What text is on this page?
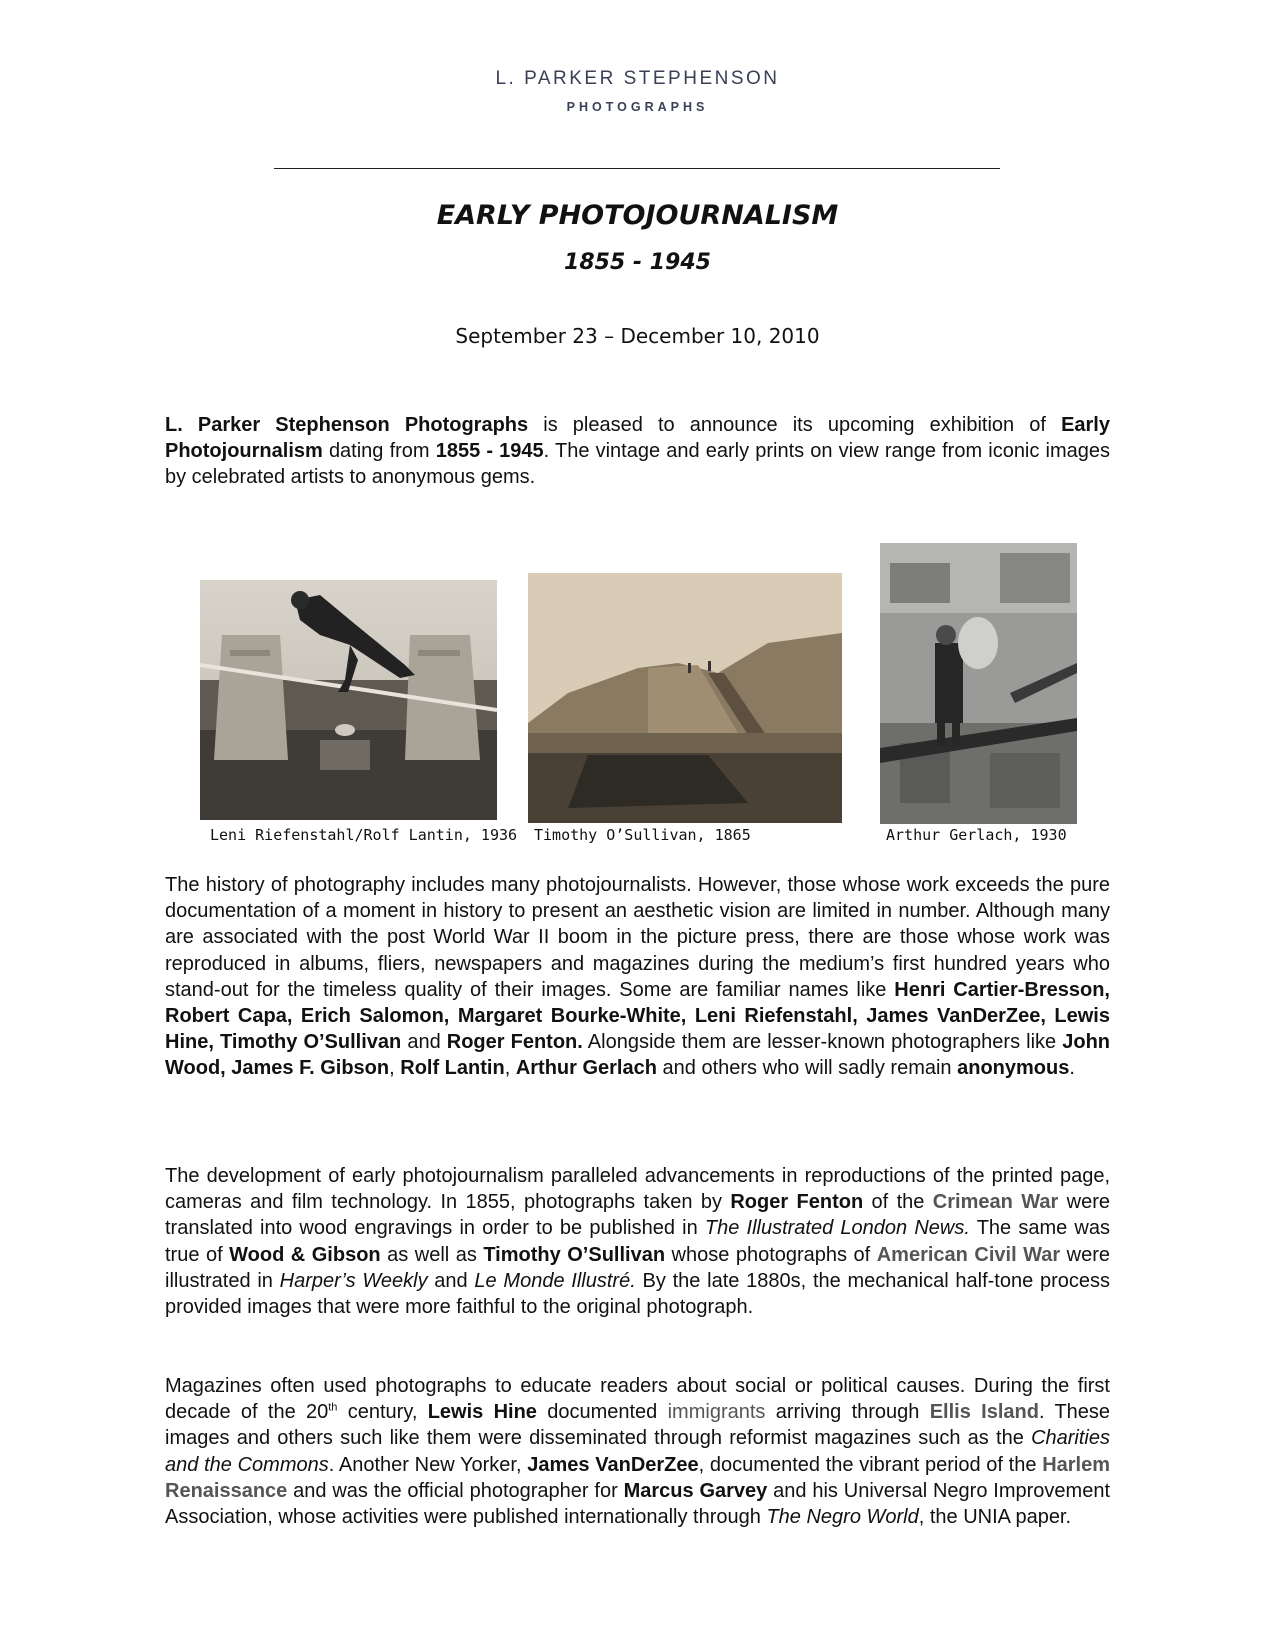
L. PARKER STEPHENSON
PHOTOGRAPHS
EARLY PHOTOJOURNALISM
1855 - 1945
September 23 – December 10, 2010
L. Parker Stephenson Photographs is pleased to announce its upcoming exhibition of Early Photojournalism dating from 1855 - 1945. The vintage and early prints on view range from iconic images by celebrated artists to anonymous gems.
Leni Riefenstahl/Rolf Lantin, 1936 Timothy O’Sullivan, 1865	Arthur Gerlach, 1930
The history of photography includes many photojournalists. However, those whose work exceeds the pure documentation of a moment in history to present an aesthetic vision are limited in number. Although many are associated with the post World War II boom in the picture press, there are those whose work was reproduced in albums, fliers, newspapers and magazines during the medium’s first hundred years who stand-out for the timeless quality of their images. Some are familiar names like Henri Cartier-Bresson, Robert Capa, Erich Salomon, Margaret Bourke-White, Leni Riefenstahl, James VanDerZee, Lewis Hine, Timothy O’Sullivan and Roger Fenton. Alongside them are lesser-known photographers like John Wood, James F. Gibson, Rolf Lantin, Arthur Gerlach and others who will sadly remain anonymous.
The development of early photojournalism paralleled advancements in reproductions of the printed page, cameras and film technology. In 1855, photographs taken by Roger Fenton of the Crimean War were translated into wood engravings in order to be published in The Illustrated London News. The same was true of Wood & Gibson as well as Timothy O’Sullivan whose photographs of American Civil War were illustrated in Harper’s Weekly and Le Monde Illustré. By the late 1880s, the mechanical half-tone process provided images that were more faithful to the original photograph.
Magazines often used photographs to educate readers about social or political causes. During the first decade of the 20th century, Lewis Hine documented immigrants arriving through Ellis Island. These images and others such like them were disseminated through reformist magazines such as the Charities and the Commons. Another New Yorker, James VanDerZee, documented the vibrant period of the Harlem Renaissance and was the official photographer for Marcus Garvey and his Universal Negro Improvement Association, whose activities were published internationally through The Negro World, the UNIA paper.
